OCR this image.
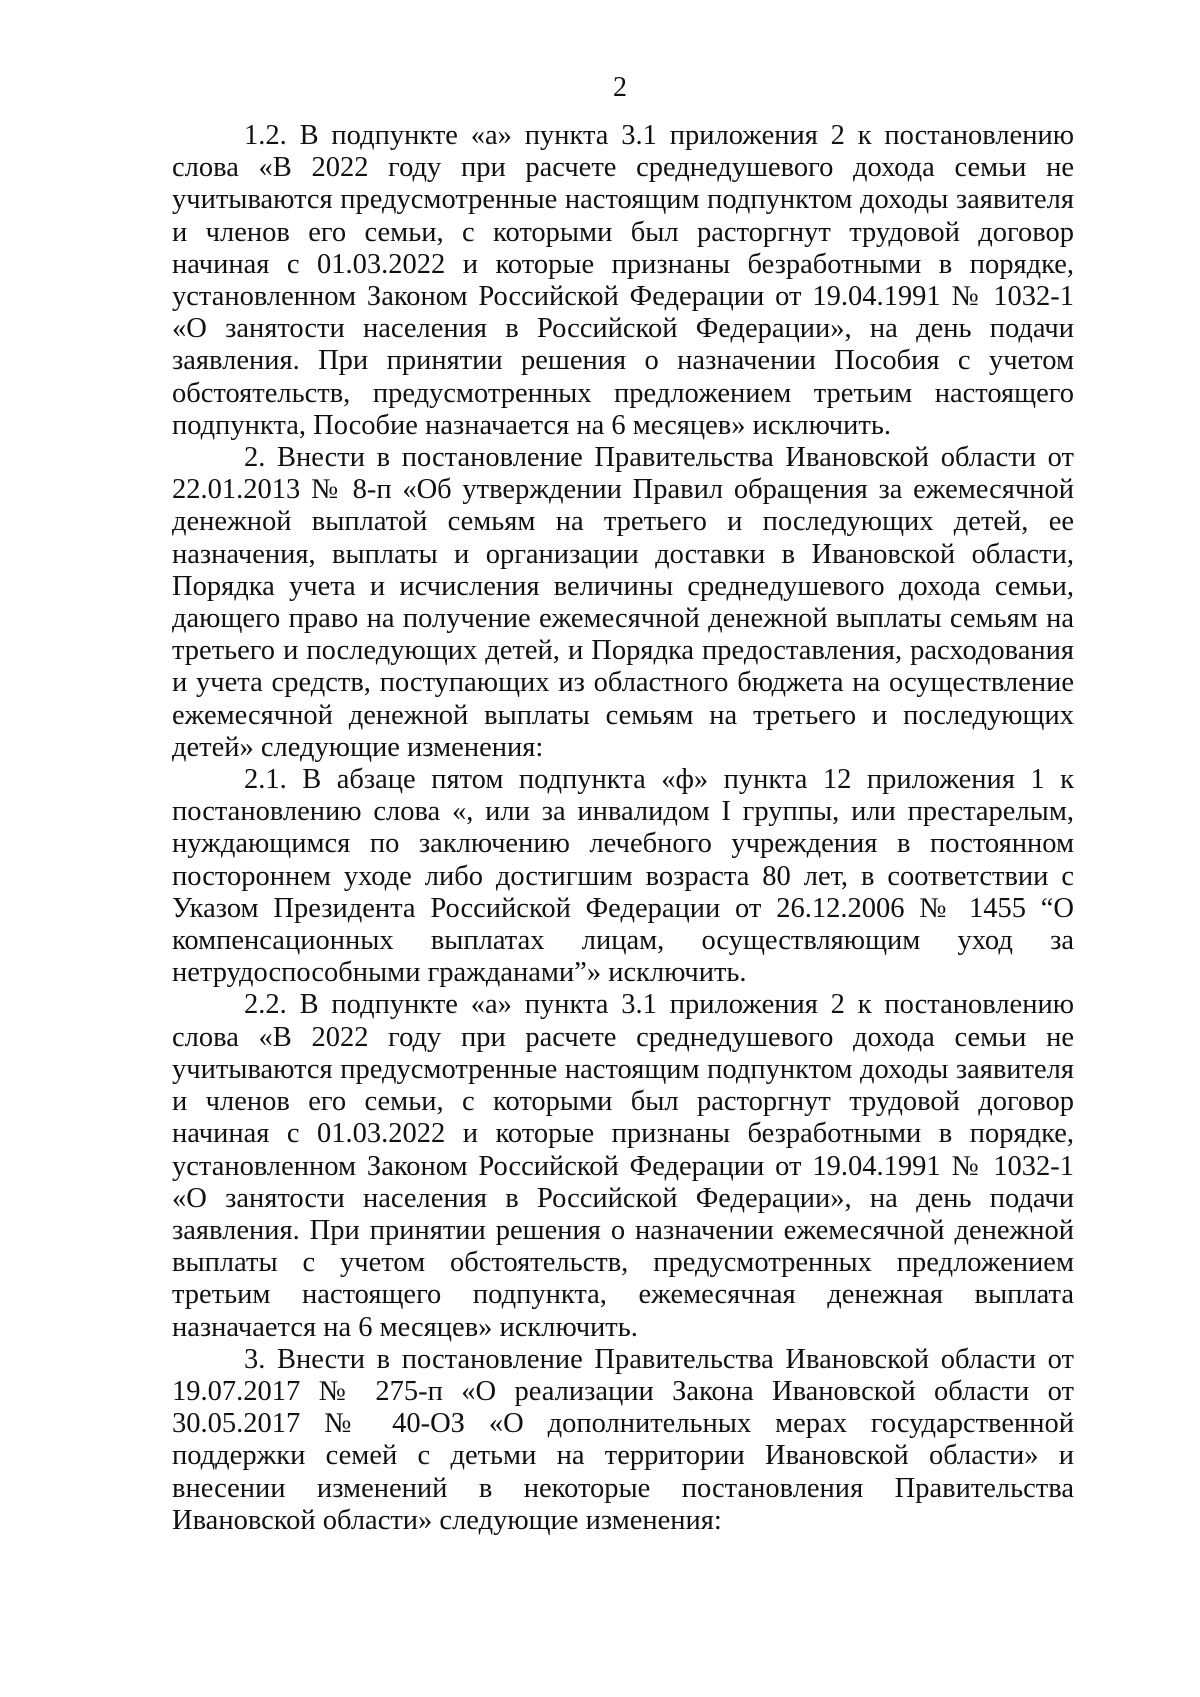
2

1.2. В подпункте «а» пункта 3.1 приложения 2 к постановлению слова «В 2022 году при расчете среднедушевого дохода семьи не учитываются предусмотренные настоящим подпунктом доходы заявителя и членов его семьи, с которыми был расторгнут трудовой договор начиная с 01.03.2022 и которые признаны безработными в порядке, установленном Законом Российской Федерации от 19.04.1991 № 1032-1 «О занятости населения в Российской Федерации», на день подачи заявления. При принятии решения о назначении Пособия с учетом обстоятельств, предусмотренных предложением третьим настоящего подпункта, Пособие назначается на 6 месяцев» исключить.

2. Внести в постановление Правительства Ивановской области от 22.01.2013 № 8-п «Об утверждении Правил обращения за ежемесячной денежной выплатой семьям на третьего и последующих детей, ее назначения, выплаты и организации доставки в Ивановской области, Порядка учета и исчисления величины среднедушевого дохода семьи, дающего право на получение ежемесячной денежной выплаты семьям на третьего и последующих детей, и Порядка предоставления, расходования и учета средств, поступающих из областного бюджета на осуществление ежемесячной денежной выплаты семьям на третьего и последующих детей» следующие изменения:

2.1. В абзаце пятом подпункта «ф» пункта 12 приложения 1 к постановлению слова «, или за инвалидом I группы, или престарелым, нуждающимся по заключению лечебного учреждения в постоянном постороннем уходе либо достигшим возраста 80 лет, в соответствии с Указом Президента Российской Федерации от 26.12.2006 № 1455 “О компенсационных выплатах лицам, осуществляющим уход за нетрудоспособными гражданами”» исключить.

2.2. В подпункте «а» пункта 3.1 приложения 2 к постановлению слова «В 2022 году при расчете среднедушевого дохода семьи не учитываются предусмотренные настоящим подпунктом доходы заявителя и членов его семьи, с которыми был расторгнут трудовой договор начиная с 01.03.2022 и которые признаны безработными в порядке, установленном Законом Российской Федерации от 19.04.1991 № 1032-1 «О занятости населения в Российской Федерации», на день подачи заявления. При принятии решения о назначении ежемесячной денежной выплаты с учетом обстоятельств, предусмотренных предложением третьим настоящего подпункта, ежемесячная денежная выплата назначается на 6 месяцев» исключить.

3. Внести в постановление Правительства Ивановской области от 19.07.2017 № 275-п «О реализации Закона Ивановской области от 30.05.2017 № 40-ОЗ «О дополнительных мерах государственной поддержки семей с детьми на территории Ивановской области» и внесении изменений в некоторые постановления Правительства Ивановской области» следующие изменения:
